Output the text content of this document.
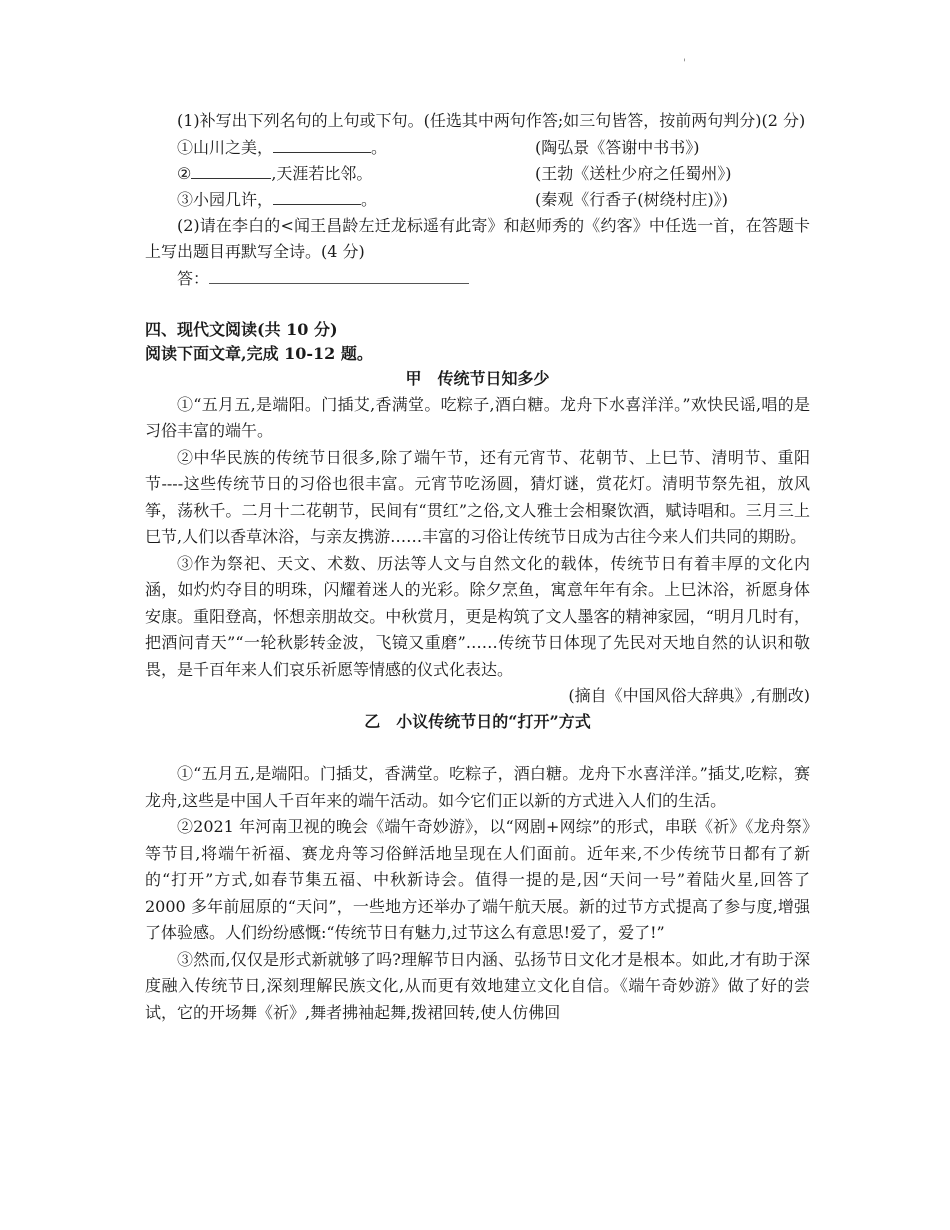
'

(1)补写出下列名句的上句或下句。(任选其中两句作答;如三句皆答，按前两句判分)(2 分)

①山川之美，	。	(陶弘景《答谢中书书》)
②	,天涯若比邻。	(王勃《送杜少府之任蜀州》)
③小园几许，	。	(秦观《行香子(树绕村庄)》)

(2)请在李白的<闻王昌龄左迁龙标遥有此寄》和赵师秀的《约客》中任选一首，在答题卡上写出题目再默写全诗。(4 分)

答：

四、现代文阅读(共 10 分)

阅读下面文章,完成 10-12 题。

甲　传统节日知多少

①“五月五,是端阳。门插艾,香满堂。吃粽子,酒白糖。龙舟下水喜洋洋。”欢快民谣,唱的是习俗丰富的端午。

②中华民族的传统节日很多,除了端午节，还有元宵节、花朝节、上巳节、清明节、重阳节----这些传统节日的习俗也很丰富。元宵节吃汤圆，猜灯谜，赏花灯。清明节祭先祖，放风筝，荡秋千。二月十二花朝节，民间有“贯红”之俗,文人雅士会相聚饮酒，赋诗唱和。三月三上巳节,人们以香草沐浴，与亲友携游……丰富的习俗让传统节日成为古往今来人们共同的期盼。

③作为祭祀、天文、术数、历法等人文与自然文化的载体，传统节日有着丰厚的文化内涵，如灼灼夺目的明珠，闪耀着迷人的光彩。除夕烹鱼，寓意年年有余。上巳沐浴，祈愿身体安康。重阳登高，怀想亲朋故交。中秋赏月，更是构筑了文人墨客的精神家园，“明月几时有，把酒问青天”“一轮秋影转金波，飞镜又重磨”……传统节日体现了先民对天地自然的认识和敬畏，是千百年来人们哀乐祈愿等情感的仪式化表达。

(摘自《中国风俗大辞典》,有删改)

乙　小议传统节日的“打开”方式

①“五月五,是端阳。门插艾，香满堂。吃粽子，酒白糖。龙舟下水喜洋洋。”插艾,吃粽，赛龙舟,这些是中国人千百年来的端午活动。如今它们正以新的方式进入人们的生活。

②2021 年河南卫视的晚会《端午奇妙游》，以“网剧+网综”的形式，串联《祈》《龙舟祭》等节目,将端午祈福、赛龙舟等习俗鲜活地呈现在人们面前。近年来,不少传统节日都有了新的“打开”方式,如春节集五福、中秋新诗会。值得一提的是,因“天问一号”着陆火星,回答了 2000 多年前屈原的“天问”，一些地方还举办了端午航天展。新的过节方式提高了参与度,增强了体验感。人们纷纷感慨:“传统节日有魅力,过节这么有意思!爱了，爱了!”

③然而,仅仅是形式新就够了吗?理解节日内涵、弘扬节日文化才是根本。如此,才有助于深度融入传统节日,深刻理解民族文化,从而更有效地建立文化自信。《端午奇妙游》做了好的尝试，它的开场舞《祈》,舞者拂袖起舞,拨裙回转,使人仿佛回
